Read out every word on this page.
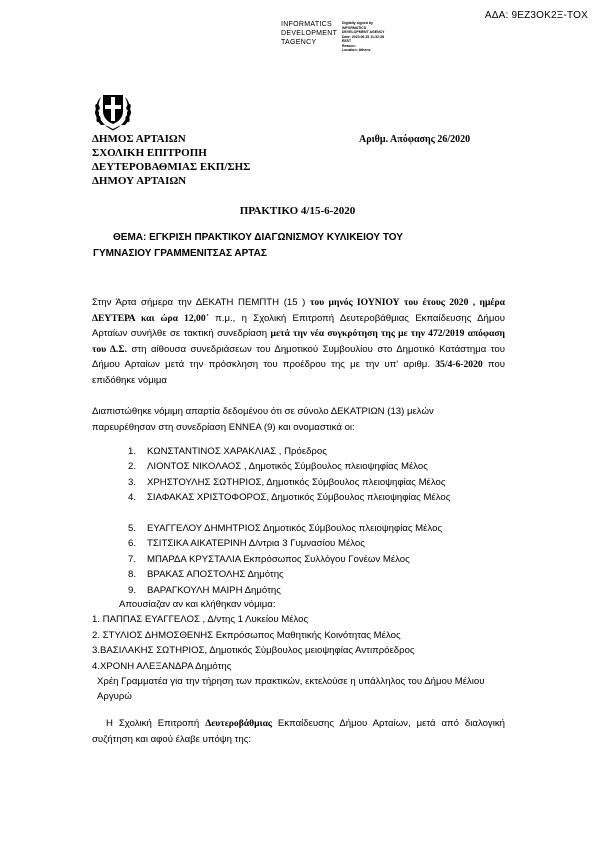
ΑΔΑ: 9ΕΖ3ΟΚ2Ξ-ΤΟΧ
INFORMATICS
DEVELOPMENT
TAGENCY
Digitally signed by
INFORMATICS
DEVELOPMENT AGENCY
Date: 2020.06.25 11:32:38
EEST
Reason:
Location: Athens
ΔΗΜΟΣ ΑΡΤΑΙΩΝ
ΣΧΟΛΙΚΗ ΕΠΙΤΡΟΠΗ
ΔΕΥΤΕΡΟΒΑΘΜΙΑΣ ΕΚΠ/ΣΗΣ
ΔΗΜΟΥ ΑΡΤΑΙΩΝ
Αριθμ. Απόφασης 26/2020
ΠΡΑΚΤΙΚΟ 4/15-6-2020
ΘΕΜΑ: ΕΓΚΡΙΣΗ ΠΡΑΚΤΙΚΟΥ ΔΙΑΓΩΝΙΣΜΟΥ ΚΥΛΙΚΕΙΟΥ ΤΟΥ
ΓΥΜΝΑΣΙΟΥ ΓΡΑΜΜΕΝΙΤΣΑΣ ΑΡΤΑΣ
Στην Άρτα σήμερα την ΔΕΚΑΤΗ ΠΕΜΠΤΗ (15 ) του μηνός ΙΟΥΝΙΟΥ του έτους 2020 , ημέρα ΔΕΥΤΕΡΑ και ώρα 12,00΄ π.μ., η Σχολική Επιτροπή Δευτεροβάθμιας Εκπαίδευσης Δήμου Αρταίων συνήλθε σε τακτική συνεδρίαση μετά την νέα συγκρότηση της με την 472/2019 απόφαση του Δ.Σ. στη αίθουσα συνεδριάσεων του Δημοτικού Συμβουλίου στο Δημοτικό Κατάστημα του Δήμου Αρταίων μετά την πρόσκληση του προέδρου της με την υπ' αριθμ. 35/4-6-2020 που επιδόθηκε νόμιμα
Διαπιστώθηκε νόμιμη απαρτία δεδομένου ότι σε σύνολο ΔΕΚΑΤΡΙΩΝ (13) μελών
παρευρέθησαν στη συνεδρίαση ΕΝΝΕΑ (9) και ονομαστικά οι:
1. ΚΩΝΣΤΑΝΤΙΝΟΣ ΧΑΡΑΚΛΙΑΣ , Πρόεδρος
2. ΛΙΟΝΤΟΣ ΝΙΚΟΛΑΟΣ , Δημοτικός Σύμβουλος πλειοψηφίας Μέλος
3. ΧΡΗΣΤΟΥΛΗΣ ΣΩΤΗΡΙΟΣ, Δημοτικός Σύμβουλος πλειοψηφίας Μέλος
4. ΣΙΑΦΑΚΑΣ ΧΡΙΣΤΟΦΟΡΟΣ, Δημοτικός Σύμβουλος πλειοψηφίας Μέλος
5. ΕΥΑΓΓΕΛΟΥ ΔΗΜΗΤΡΙΟΣ Δημοτικός Σύμβουλος πλειοψηφίας Μέλος
6. ΤΣΙΤΣΙΚΑ ΑΙΚΑΤΕΡΙΝΗ Δ/ντρια 3 Γυμνασίου Μέλος
7. ΜΠΑΡΔΑ ΚΡΥΣΤΑΛΙΑ Εκπρόσωπος Συλλόγου Γονέων Μέλος
8. ΒΡΑΚΑΣ ΑΠΟΣΤΟΛΗΣ Δημότης
9. ΒΑΡΑΓΚΟΥΛΗ ΜΑΙΡΗ Δημότης
Απουσίαζαν αν και κλήθηκαν νόμιμα:
1. ΠΑΠΠΑΣ ΕΥΑΓΓΕΛΟΣ , Δ/ντης 1 Λυκείου Μέλος
2. ΣΤΥΛΙΟΣ ΔΗΜΟΣΘΕΝΗΣ Εκπρόσωπος Μαθητικής Κοινότητας Μέλος
3.ΒΑΣΙΛΑΚΗΣ ΣΩΤΗΡΙΟΣ, Δημοτικός Σύμβουλος μειοψηφίας Αντιπρόεδρος
4.ΧΡΟΝΗ ΑΛΕΞΑΝΔΡΑ Δημότης
Χρέη Γραμματέα για την τήρηση των πρακτικών, εκτελούσε η υπάλληλος του Δήμου Μέλιου Αργυρώ
Η Σχολική Επιτροπή Δευτεροβάθμιας Εκπαίδευσης Δήμου Αρταίων, μετά από διαλογική συζήτηση και αφού έλαβε υπόψη της:
